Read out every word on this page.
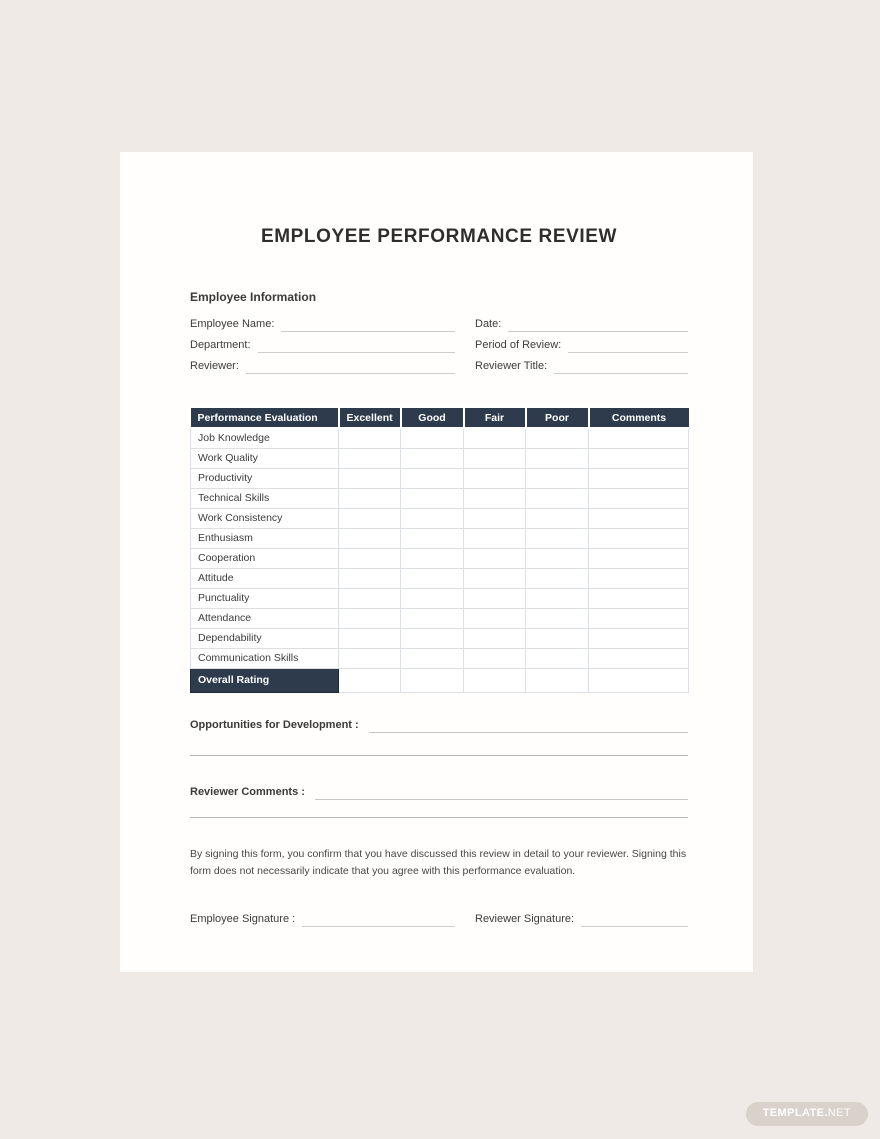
EMPLOYEE PERFORMANCE REVIEW
Employee Information
Employee Name:	Date:
Department:	Period of Review:
Reviewer:	Reviewer Title:
Performance Evaluation	Excellent	Good	Fair	Poor	Comments
Job Knowledge					
Work Quality					
Productivity					
Technical Skills					
Work Consistency					
Enthusiasm					
Cooperation					
Attitude					
Punctuality					
Attendance					
Dependability					
Communication Skills					
Overall Rating					
Opportunities for Development :
Reviewer Comments :

By signing this form, you confirm that you have discussed this review in detail to your reviewer. Signing this form does not necessarily indicate that you agree with this performance evaluation.

Employee Signature :	Reviewer Signature:
TEMPLATE.NET
